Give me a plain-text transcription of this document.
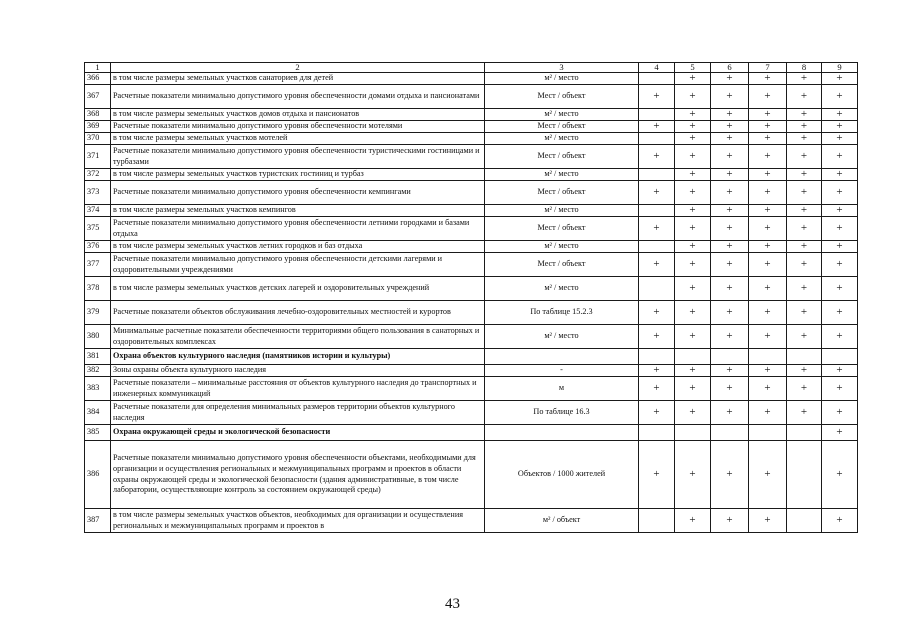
1	2	3	4	5	6	7	8	9
366	в том числе размеры земельных участков санаториев для детей	м² / место		+	+	+	+	+
367	Расчетные показатели минимально допустимого уровня обеспеченности домами отдыха и пансионатами	Мест / объект	+	+	+	+	+	+
368	в том числе размеры земельных участков домов отдыха и пансионатов	м² / место		+	+	+	+	+
369	Расчетные показатели минимально допустимого уровня обеспеченности мотелями	Мест / объект	+	+	+	+	+	+
370	в том числе размеры земельных участков мотелей	м² / место		+	+	+	+	+
371	Расчетные показатели минимально допустимого уровня обеспеченности туристическими гостиницами и турбазами	Мест / объект	+	+	+	+	+	+
372	в том числе размеры земельных участков туристских гостиниц и турбаз	м² / место		+	+	+	+	+
373	Расчетные показатели минимально допустимого уровня обеспеченности кемпингами	Мест / объект	+	+	+	+	+	+
374	в том числе размеры земельных участков кемпингов	м² / место		+	+	+	+	+
375	Расчетные показатели минимально допустимого уровня обеспеченности летними городками и базами отдыха	Мест / объект	+	+	+	+	+	+
376	в том числе размеры земельных участков летних городков и баз отдыха	м² / место		+	+	+	+	+
377	Расчетные показатели минимально допустимого уровня обеспеченности детскими лагерями и оздоровительными учреждениями	Мест / объект	+	+	+	+	+	+
378	в том числе размеры земельных участков детских лагерей и оздоровительных учреждений	м² / место		+	+	+	+	+
379	Расчетные показатели объектов обслуживания лечебно-оздоровительных местностей и курортов	По таблице 15.2.3	+	+	+	+	+	+
380	Минимальные расчетные показатели обеспеченности территориями общего пользования в санаторных и оздоровительных комплексах	м² / место	+	+	+	+	+	+
381	Охрана объектов культурного наследия (памятников истории и культуры)							
382	Зоны охраны объекта культурного наследия	-	+	+	+	+	+	+
383	Расчетные показатели – минимальные расстояния от объектов культурного наследия до транспортных и инженерных коммуникаций	м	+	+	+	+	+	+
384	Расчетные показатели для определения минимальных размеров территории объектов культурного наследия	По таблице 16.3	+	+	+	+	+	+
385	Охрана окружающей среды и экологической безопасности							+
386	Расчетные показатели минимально допустимого уровня обеспеченности объектами, необходимыми для организации и осуществления региональных и межмуниципальных программ и проектов в области охраны окружающей среды и экологической безопасности (здания административные, в том числе лаборатории, осуществляющие контроль за состоянием окружающей среды)	Объектов / 1000 жителей	+	+	+	+		+
387	в том числе размеры земельных участков объектов, необходимых для организации и осуществления региональных и межмуниципальных программ и проектов в	м² / объект		+	+	+		+
43
